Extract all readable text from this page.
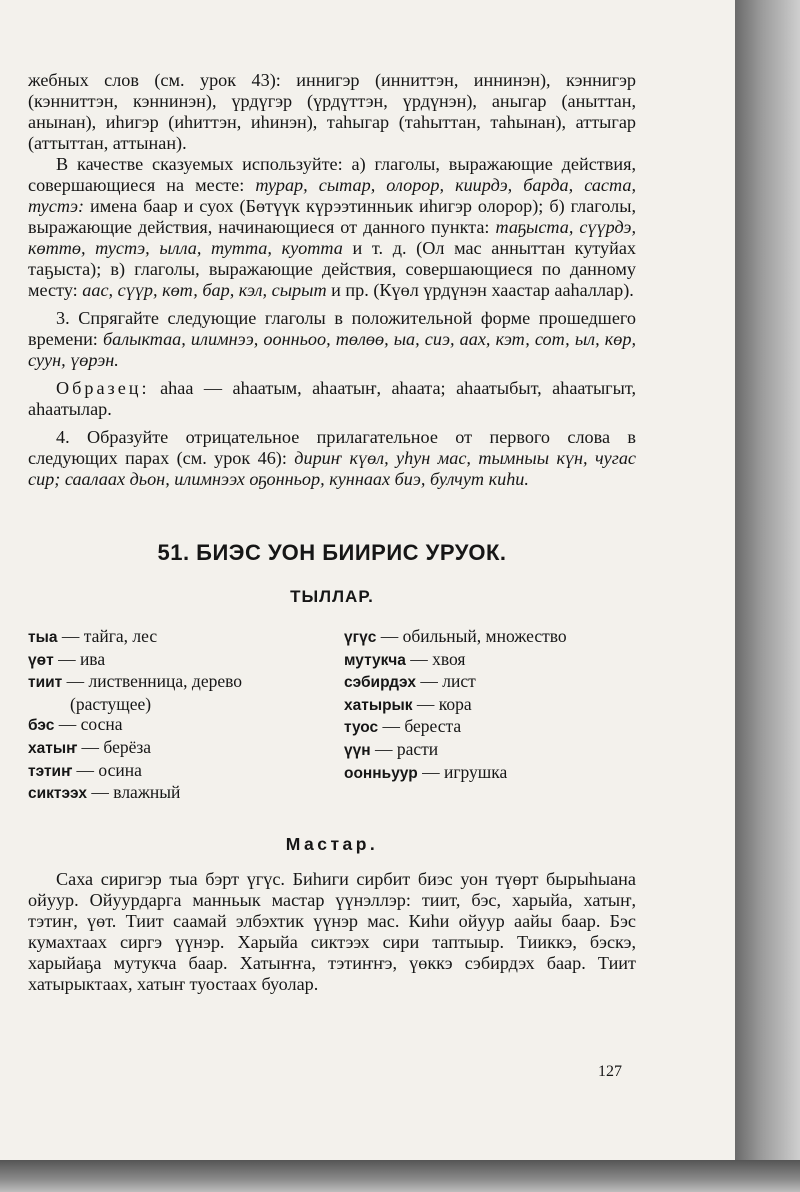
жебных слов (см. урок 43): иннигэр (инниттэн, иннинэн), кэннигэр (кэнниттэн, кэннинэн), үрдүгэр (үрдүттэн, үрдүнэн), аныгар (аныттан, анынан), иhигэр (иhиттэн, иhинэн), таhыгар (таhыттан, таhынан), аттыгар (аттыттан, аттынан).

В качестве сказуемых используйте: а) глаголы, выражающие действия, совершающиеся на месте: турар, сытар, олорор, киирдэ, барда, саста, тустэ: имена баар и суох (Бөтүүк күрээтинньик иhигэр олорор); б) глаголы, выражающие действия, начинающиеся от данного пункта: таҕыста, сүүрдэ, көттө, тустэ, ылла, тутта, куотта и т. д. (Ол мас анныттан кутуйах таҕыста); в) глаголы, выражающие действия, совершающиеся по данному месту: аас, сүүр, көт, бар, кэл, сырыт и пр. (Күөл үрдүнэн хаастар ааhаллар).

3. Спрягайте следующие глаголы в положительной форме прошедшего времени: балыктаа, илимнээ, оонньоо, төлөө, ыа, сиэ, аах, кэт, сот, ыл, көр, суун, үөрэн.

Образец: аhаа — аhаатым, аhаатыҥ, аhаата; аhаатыбыт, аhаатыгыт, аhаатылар.

4. Образуйте отрицательное прилагательное от первого слова в следующих парах (см. урок 46): дириҥ күөл, уhун мас, тымныы күн, чугас сир; саалаах дьон, илимнээх оҕонньор, куннаах биэ, булчут киhи.

51. БИЭС УОН БИИРИС УРУОК.
ТЫЛЛАР.
тыа — тайга, лес
үөт — ива
тиит — лиственница, дерево
(растущее)
бэс — сосна
хатыҥ — берёза
тэтиҥ — осина
сиктээх — влажный
үгүс — обильный, множество
мутукча — хвоя
сэбирдэх — лист
хатырык — кора
туос — береста
үүн — расти
оонньуур — игрушка
Мастар.

Саха сиригэр тыа бэрт үгүс. Биhиги сирбит биэс уон түөрт бырыhыана ойуур. Ойуурдарга манньык мастар үүнэллэр: тиит, бэс, харыйа, хатыҥ, тэтиҥ, үөт. Тиит саамай элбэхтик үүнэр мас. Киhи ойуур аайы баар. Бэс кумахтаах сиргэ үүнэр. Харыйа сиктээх сири таптыыр. Тииккэ, бэскэ, харыйаҕа мутукча баар. Хатыҥҥа, тэтиҥҥэ, үөккэ сэбирдэх баар. Тиит хатырыктаах, хатыҥ туостаах буолар.

127
